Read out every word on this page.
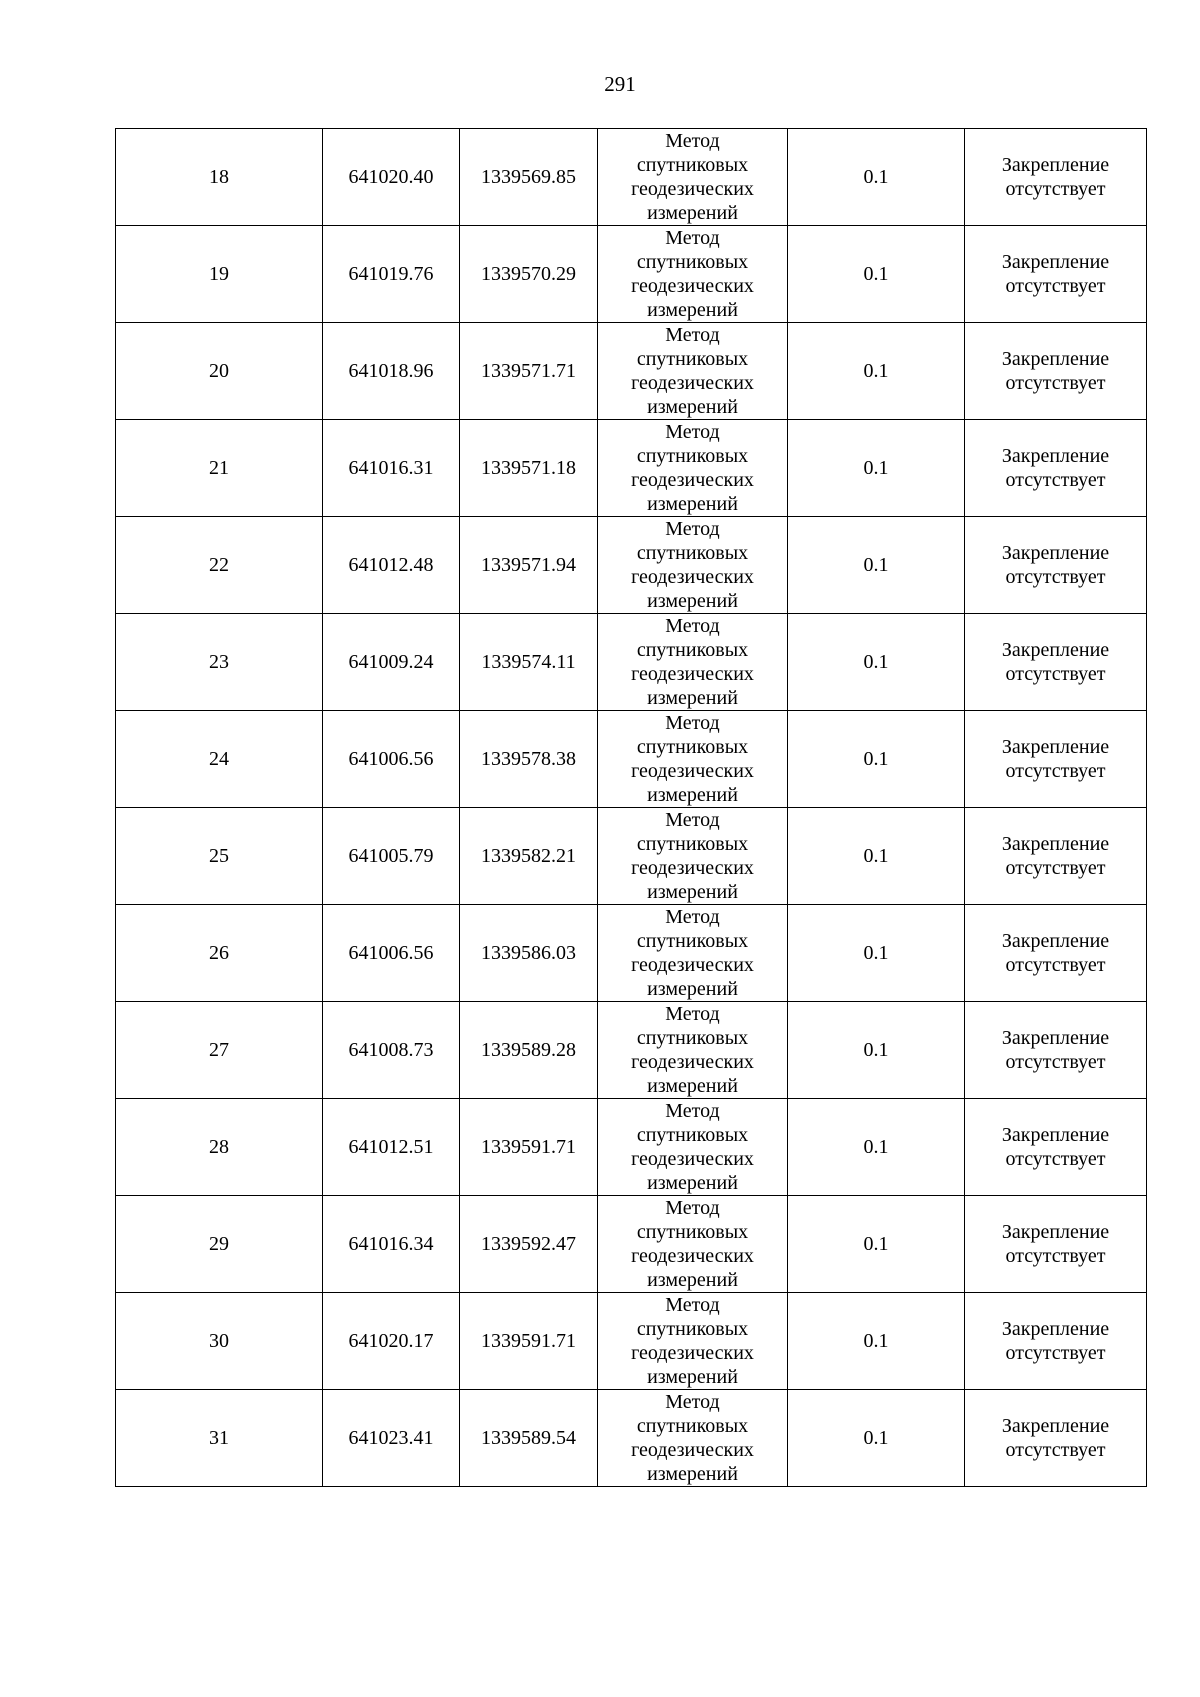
291
18	641020.40	1339569.85	Метод
спутниковых
геодезических
измерений	0.1	Закрепление
отсутствует

19	641019.76	1339570.29	Метод
спутниковых
геодезических
измерений	0.1	Закрепление
отсутствует

20	641018.96	1339571.71	Метод
спутниковых
геодезических
измерений	0.1	Закрепление
отсутствует

21	641016.31	1339571.18	Метод
спутниковых
геодезических
измерений	0.1	Закрепление
отсутствует

22	641012.48	1339571.94	Метод
спутниковых
геодезических
измерений	0.1	Закрепление
отсутствует

23	641009.24	1339574.11	Метод
спутниковых
геодезических
измерений	0.1	Закрепление
отсутствует

24	641006.56	1339578.38	Метод
спутниковых
геодезических
измерений	0.1	Закрепление
отсутствует

25	641005.79	1339582.21	Метод
спутниковых
геодезических
измерений	0.1	Закрепление
отсутствует

26	641006.56	1339586.03	Метод
спутниковых
геодезических
измерений	0.1	Закрепление
отсутствует

27	641008.73	1339589.28	Метод
спутниковых
геодезических
измерений	0.1	Закрепление
отсутствует

28	641012.51	1339591.71	Метод
спутниковых
геодезических
измерений	0.1	Закрепление
отсутствует

29	641016.34	1339592.47	Метод
спутниковых
геодезических
измерений	0.1	Закрепление
отсутствует

30	641020.17	1339591.71	Метод
спутниковых
геодезических
измерений	0.1	Закрепление
отсутствует

31	641023.41	1339589.54	Метод
спутниковых
геодезических
измерений	0.1	Закрепление
отсутствует
